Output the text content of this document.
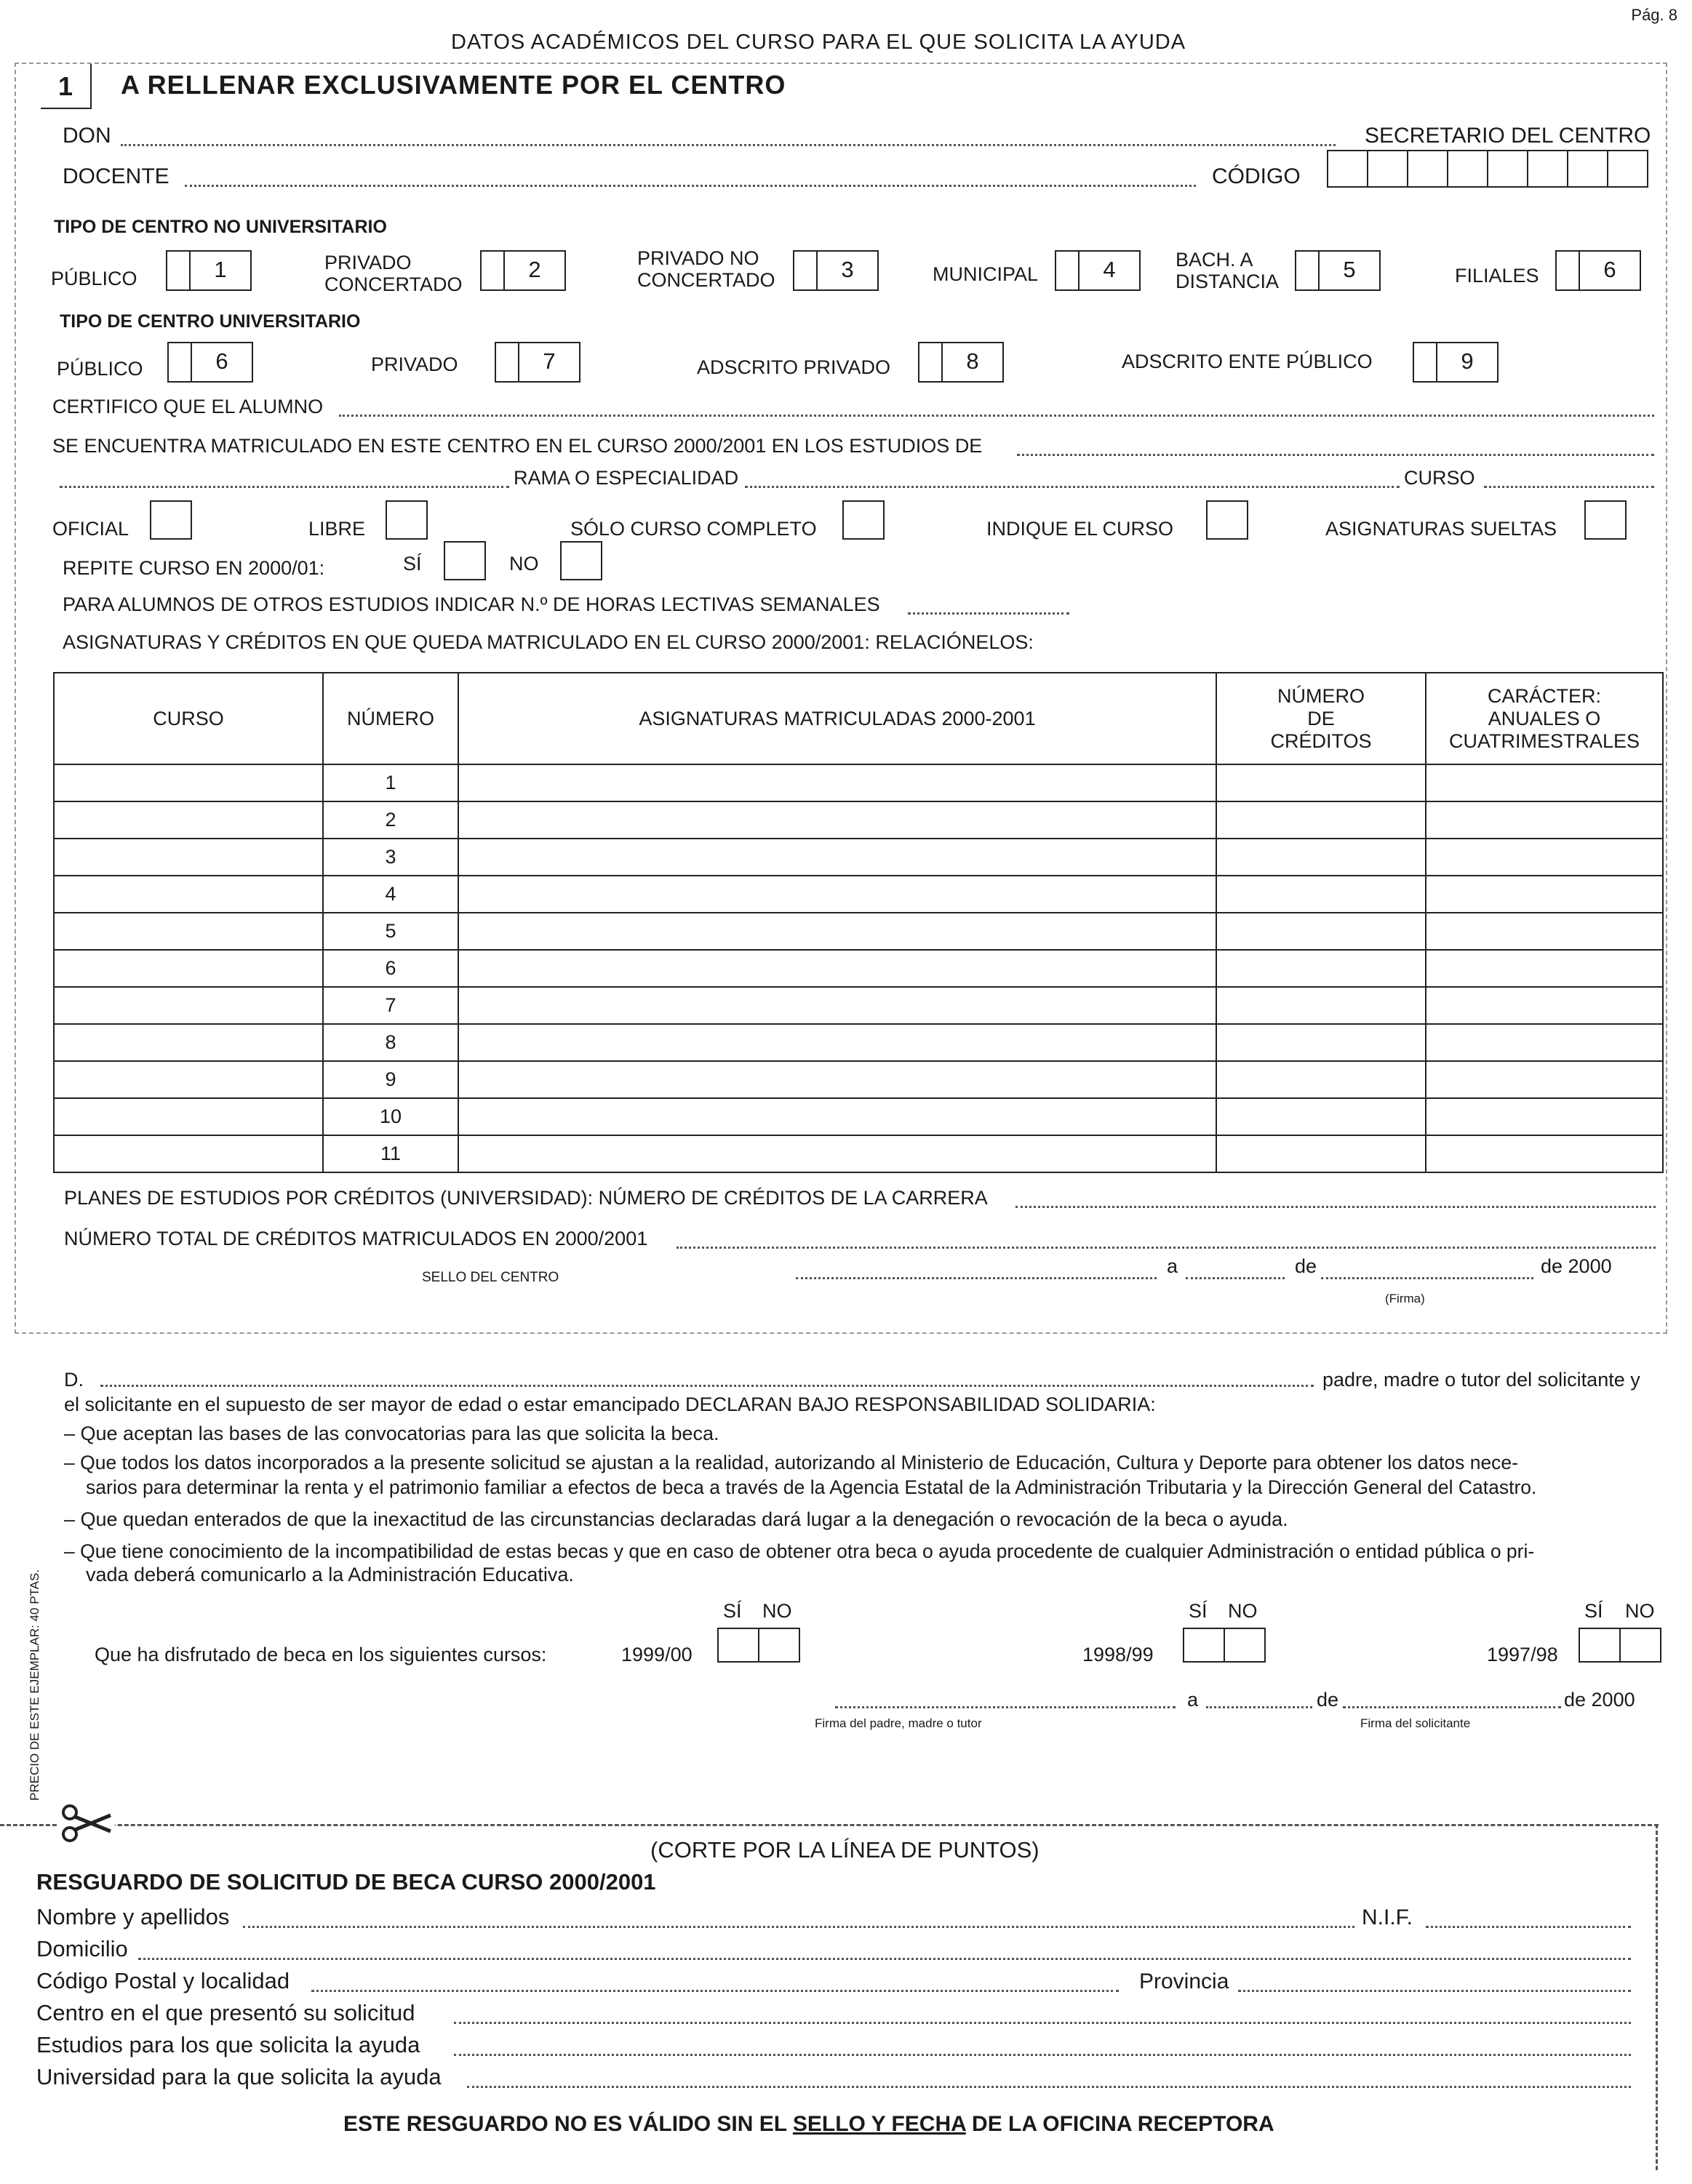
Pág. 8
DATOS ACADÉMICOS DEL CURSO PARA EL QUE SOLICITA LA AYUDA
1	A RELLENAR EXCLUSIVAMENTE POR EL CENTRO
DON	SECRETARIO DEL CENTRO
DOCENTE	CÓDIGO
TIPO DE CENTRO NO UNIVERSITARIO
PÚBLICO	1	PRIVADO
CONCERTADO
2	PRIVADO NO
CONCERTADO	3	MUNICIPAL	4	BACH. A
DISTANCIA	5	FILIALES	6
TIPO DE CENTRO UNIVERSITARIO
PÚBLICO	6	PRIVADO	7	ADSCRITO PRIVADO	8	ADSCRITO ENTE PÚBLICO	9
CERTIFICO QUE EL ALUMNO
SE ENCUENTRA MATRICULADO EN ESTE CENTRO EN EL CURSO 2000/2001 EN LOS ESTUDIOS DE
RAMA O ESPECIALIDAD	CURSO
OFICIAL	LIBRE	SÓLO CURSO COMPLETO	INDIQUE EL CURSO	ASIGNATURAS SUELTAS
REPITE CURSO EN 2000/01:	SÍ	NO
PARA ALUMNOS DE OTROS ESTUDIOS INDICAR N.º DE HORAS LECTIVAS SEMANALES
ASIGNATURAS Y CRÉDITOS EN QUE QUEDA MATRICULADO EN EL CURSO 2000/2001: RELACIÓNELOS:
CURSO	NÚMERO	ASIGNATURAS MATRICULADAS 2000-2001	NÚMERO
DE
CRÉDITOS	CARÁCTER:
ANUALES O
CUATRIMESTRALES
	1			
	2			
	3			
	4			
	5			
	6			
	7			
	8			
	9			
	10			
	11			
PLANES DE ESTUDIOS POR CRÉDITOS (UNIVERSIDAD): NÚMERO DE CRÉDITOS DE LA CARRERA
NÚMERO TOTAL DE CRÉDITOS MATRICULADOS EN 2000/2001
SELLO DEL CENTRO
a	de	de 2000
(Firma)
D.	padre, madre o tutor del solicitante y
el solicitante en el supuesto de ser mayor de edad o estar emancipado DECLARAN BAJO RESPONSABILIDAD SOLIDARIA:
– Que aceptan las bases de las convocatorias para las que solicita la beca.
– Que todos los datos incorporados a la presente solicitud se ajustan a la realidad, autorizando al Ministerio de Educación, Cultura y Deporte para obtener los datos nece-
sarios para determinar la renta y el patrimonio familiar a efectos de beca a través de la Agencia Estatal de la Administración Tributaria y la Dirección General del Catastro.
– Que quedan enterados de que la inexactitud de las circunstancias declaradas dará lugar a la denegación o revocación de la beca o ayuda.
– Que tiene conocimiento de la incompatibilidad de estas becas y que en caso de obtener otra beca o ayuda procedente de cualquier Administración o entidad pública o pri-
vada deberá comunicarlo a la Administración Educativa.
SÍ NO	SÍ NO	SÍ NO
Que ha disfrutado de beca en los siguientes cursos:	1999/00	1998/99	1997/98
a	de	de 2000
Firma del padre, madre o tutor	Firma del solicitante
PRECIO DE ESTE EJEMPLAR: 40 PTAS.
(CORTE POR LA LÍNEA DE PUNTOS)
RESGUARDO DE SOLICITUD DE BECA CURSO 2000/2001
Nombre y apellidos	N.I.F.
Domicilio
Código Postal y localidad	Provincia
Centro en el que presentó su solicitud
Estudios para los que solicita la ayuda
Universidad para la que solicita la ayuda
ESTE RESGUARDO NO ES VÁLIDO SIN EL SELLO Y FECHA DE LA OFICINA RECEPTORA
